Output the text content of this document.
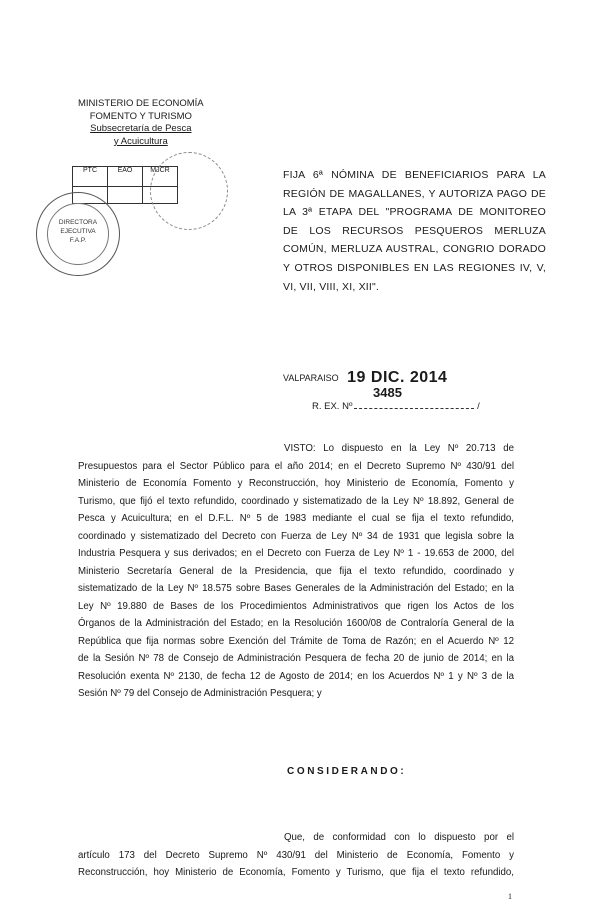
MINISTERIO DE ECONOMÍA
FOMENTO Y TURISMO
Subsecretaría de Pesca
y Acuicultura
PTC	EAO	MJCR

DIRECTORA
EJECUTIVA
F.A.P.
FIJA 6ª NÓMINA DE BENEFICIARIOS PARA LA
REGIÓN DE MAGALLANES, Y AUTORIZA PAGO DE
LA 3ª ETAPA DEL "PROGRAMA DE MONITOREO
DE LOS RECURSOS PESQUEROS MERLUZA
COMÚN, MERLUZA AUSTRAL, CONGRIO DORADO
Y OTROS DISPONIBLES EN LAS REGIONES IV, V,
VI, VII, VIII, XI, XII".
VALPARAISO 19 DIC. 2014
3485
R. EX. Nº	/
VISTO: Lo dispuesto en la Ley Nº 20.713 de
Presupuestos para el Sector Público para el año 2014; en el Decreto Supremo Nº 430/91 del
Ministerio de Economía Fomento y Reconstrucción, hoy Ministerio de Economía, Fomento y
Turismo, que fijó el texto refundido, coordinado y sistematizado de la Ley Nº 18.892, General de
Pesca y Acuicultura; en el D.F.L. Nº 5 de 1983 mediante el cual se fija el texto refundido,
coordinado y sistematizado del Decreto con Fuerza de Ley Nº 34 de 1931 que legisla sobre la
Industria Pesquera y sus derivados; en el Decreto con Fuerza de Ley Nº 1 - 19.653 de 2000, del
Ministerio Secretaría General de la Presidencia, que fija el texto refundido, coordinado y
sistematizado de la Ley Nº 18.575 sobre Bases Generales de la Administración del Estado; en la
Ley Nº 19.880 de Bases de los Procedimientos Administrativos que rigen los Actos de los
Órganos de la Administración del Estado; en la Resolución 1600/08 de Contraloría General de la
República que fija normas sobre Exención del Trámite de Toma de Razón; en el Acuerdo Nº 12
de la Sesión Nº 78 de Consejo de Administración Pesquera de fecha 20 de junio de 2014; en la
Resolución exenta Nº 2130, de fecha 12 de Agosto de 2014; en los Acuerdos Nº 1 y Nº 3 de la
Sesión Nº 79 del Consejo de Administración Pesquera; y
CONSIDERANDO:
Que, de conformidad con lo dispuesto por el
artículo 173 del Decreto Supremo Nº 430/91 del Ministerio de Economía, Fomento y
Reconstrucción, hoy Ministerio de Economía, Fomento y Turismo, que fija el texto refundido,
1
